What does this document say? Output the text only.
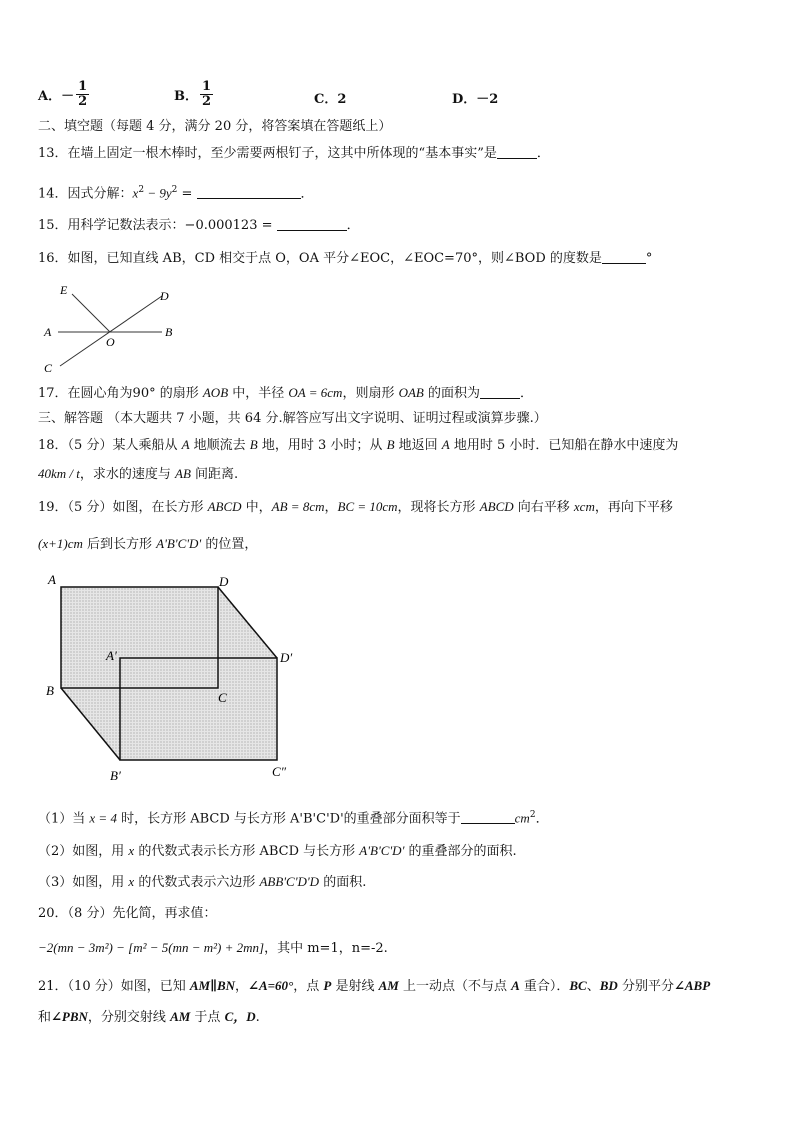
A． － $\frac{1}{2}$	B． $\frac{1}{2}$	C．2	D．－2
二、填空题（每题 4 分，满分 20 分，将答案填在答题纸上）
13．在墙上固定一根木棒时，至少需要两根钉子，这其中所体现的“基本事实”是	．
14．因式分解：$x^2 - 9y^2$ =	．
15．用科学记数法表示：−0.000123 =	．
16．如图，已知直线 AB，CD 相交于点 O，OA 平分∠EOC，∠EOC=70°，则∠BOD 的度数是	°
E	D
A
O
B
C
17．在圆心角为90° 的扇形 AOB 中，半径 OA = 6cm，则扇形 OAB 的面积为	．
三、解答题 （本大题共 7 小题，共 64 分.解答应写出文字说明、证明过程或演算步骤.）
18．（5 分）某人乘船从 A 地顺流去 B 地，用时 3 小时；从 B 地返回 A 地用时 5 小时．已知船在静水中速度为
40km / t，求水的速度与 AB 间距离.
19．（5 分）如图，在长方形 ABCD 中，AB = 8cm，BC = 10cm，现将长方形 ABCD 向右平移 xcm，再向下平移
(x+1)cm 后到长方形 A'B'C'D' 的位置，
A	D
A′	D′
B	C
B′	C″
（1）当 x = 4 时，长方形 ABCD 与长方形 A'B'C'D'的重叠部分面积等于	$cm^2$．
（2）如图，用 x 的代数式表示长方形 ABCD 与长方形 A'B'C'D' 的重叠部分的面积.
（3）如图，用 x 的代数式表示六边形 ABB'C'D'D 的面积.
20．（8 分）先化简，再求值：
−2(mn − 3m²) − [m² − 5(mn − m²) + 2mn]，其中 m=1，n=-2.
21．（10 分）如图，已知 AM∥BN，∠A=60°，点 P 是射线 AM 上一动点（不与点 A 重合）．BC、BD 分别平分∠ABP
和∠PBN，分别交射线 AM 于点 C，D.
